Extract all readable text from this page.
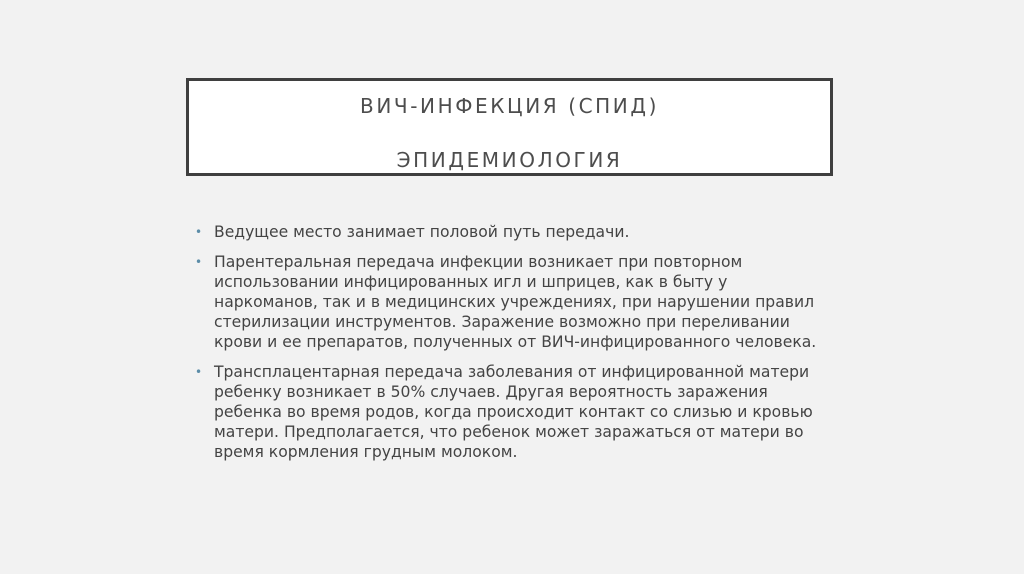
ВИЧ-ИНФЕКЦИЯ (СПИД)
ЭПИДЕМИОЛОГИЯ
• Ведущее место занимает половой путь передачи.
• Парентеральная передача инфекции возникает при повторном использовании инфицированных игл и шприцев, как в быту у наркоманов, так и в медицинских учреждениях, при нарушении правил стерилизации инструментов. Заражение возможно при переливании крови и ее препаратов, полученных от ВИЧ-инфицированного человека.
• Трансплацентарная передача заболевания от инфицированной матери ребенку возникает в 50% случаев. Другая вероятность заражения ребенка во время родов, когда происходит контакт со слизью и кровью матери. Предполагается, что ребенок может заражаться от матери во время кормления грудным молоком.
